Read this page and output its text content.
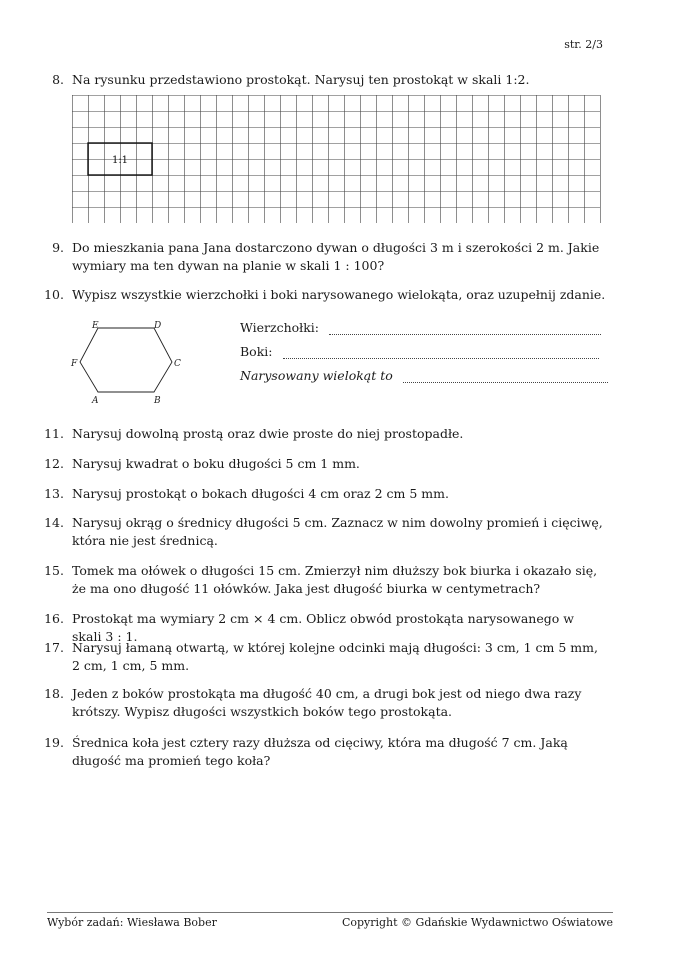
str. 2/3
8. Na rysunku przedstawiono prostokąt. Narysuj ten prostokąt w skali 1:2.
1:1
9. Do mieszkania pana Jana dostarczono dywan o długości 3 m i szerokości 2 m. Jakie wymiary ma ten dywan na planie w skali 1 : 100?
10. Wypisz wszystkie wierzchołki i boki narysowanego wielokąta, oraz uzupełnij zdanie.
A	B
C
D
E
F
Wierzchołki:
Boki:
Narysowany wielokąt to
11. Narysuj dowolną prostą oraz dwie proste do niej prostopadłe.
12. Narysuj kwadrat o boku długości 5 cm 1 mm.
13. Narysuj prostokąt o bokach długości 4 cm oraz 2 cm 5 mm.
14. Narysuj okrąg o średnicy długości 5 cm. Zaznacz w nim dowolny promień i cięciwę, która nie jest średnicą.
15. Tomek ma ołówek o długości 15 cm. Zmierzył nim dłuższy bok biurka i okazało się, że ma ono długość 11 ołówków. Jaka jest długość biurka w centymetrach?
16. Prostokąt ma wymiary 2 cm × 4 cm. Oblicz obwód prostokąta narysowanego w skali 3 : 1.
17. Narysuj łamaną otwartą, w której kolejne odcinki mają długości: 3 cm, 1 cm 5 mm, 2 cm, 1 cm, 5 mm.
18. Jeden z boków prostokąta ma długość 40 cm, a drugi bok jest od niego dwa razy krótszy. Wypisz długości wszystkich boków tego prostokąta.
19. Średnica koła jest cztery razy dłuższa od cięciwy, która ma długość 7 cm. Jaką długość ma promień tego koła?
Wybór zadań: Wiesława Bober	Copyright © Gdańskie Wydawnictwo Oświatowe
